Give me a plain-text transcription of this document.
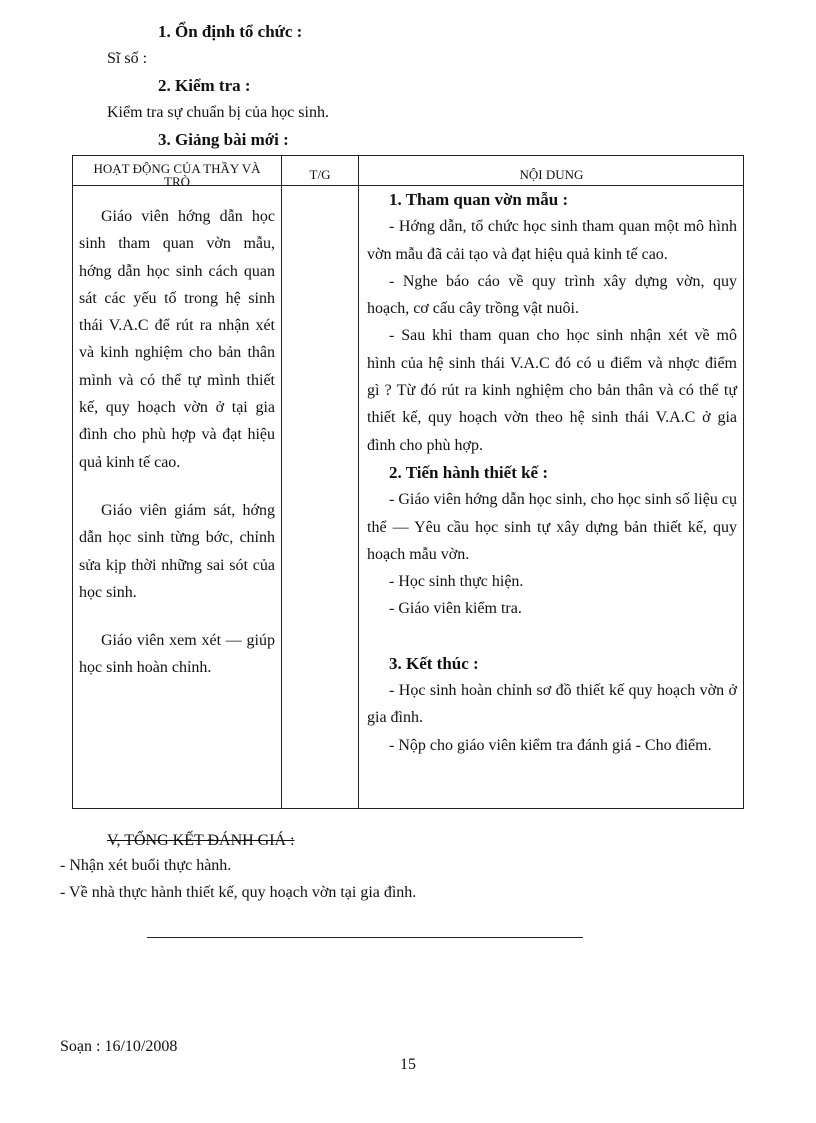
1. Ổn định tổ chức :
Sĩ số :
2. Kiểm tra :
Kiểm tra sự chuẩn bị của học sinh.
3. Giảng bài mới :
HOẠT ĐỘNG CỦA THẦY VÀ TRÒ	T/G	NỘI DUNG

Giáo viên hớng dẫn học sinh tham quan vờn mẫu, hớng dẫn học sinh cách quan sát các yếu tố trong hệ sinh thái V.A.C để rút ra nhận xét và kinh nghiệm cho bản thân mình và có thể tự mình thiết kế, quy hoạch vờn ở tại gia đình cho phù hợp và đạt hiệu quả kinh tế cao.

Giáo viên giám sát, hớng dẫn học sinh từng bớc, chỉnh sửa kịp thời những sai sót của học sinh.

Giáo viên xem xét — giúp học sinh hoàn chỉnh.

1. Tham quan vờn mẫu :

- Hớng dẫn, tổ chức học sinh tham quan một mô hình vờn mẫu đã cải tạo và đạt hiệu quả kinh tế cao.

- Nghe báo cáo về quy trình xây dựng vờn, quy hoạch, cơ cấu cây trồng vật nuôi.

- Sau khi tham quan cho học sinh nhận xét về mô hình của hệ sinh thái V.A.C đó có u điểm và nhợc điểm gì ? Từ đó rút ra kinh nghiệm cho bản thân và có thể tự thiết kế, quy hoạch vờn theo hệ sinh thái V.A.C ở gia đình cho phù hợp.

2. Tiến hành thiết kế :

- Giáo viên hớng dẫn học sinh, cho học sinh số liệu cụ thể — Yêu cầu học sinh tự xây dựng bản thiết kế, quy hoạch mẫu vờn.

- Học sinh thực hiện.

- Giáo viên kiểm tra.

3. Kết thúc :

- Học sinh hoàn chỉnh sơ đồ thiết kế quy hoạch vờn ở gia đình.

- Nộp cho giáo viên kiểm tra đánh giá - Cho điểm.

V, TỔNG KẾT ĐÁNH GIÁ :
- Nhận xét buổi thực hành.
- Về nhà thực hành thiết kế, quy hoạch vờn tại gia đình.
Soạn : 16/10/2008
15
